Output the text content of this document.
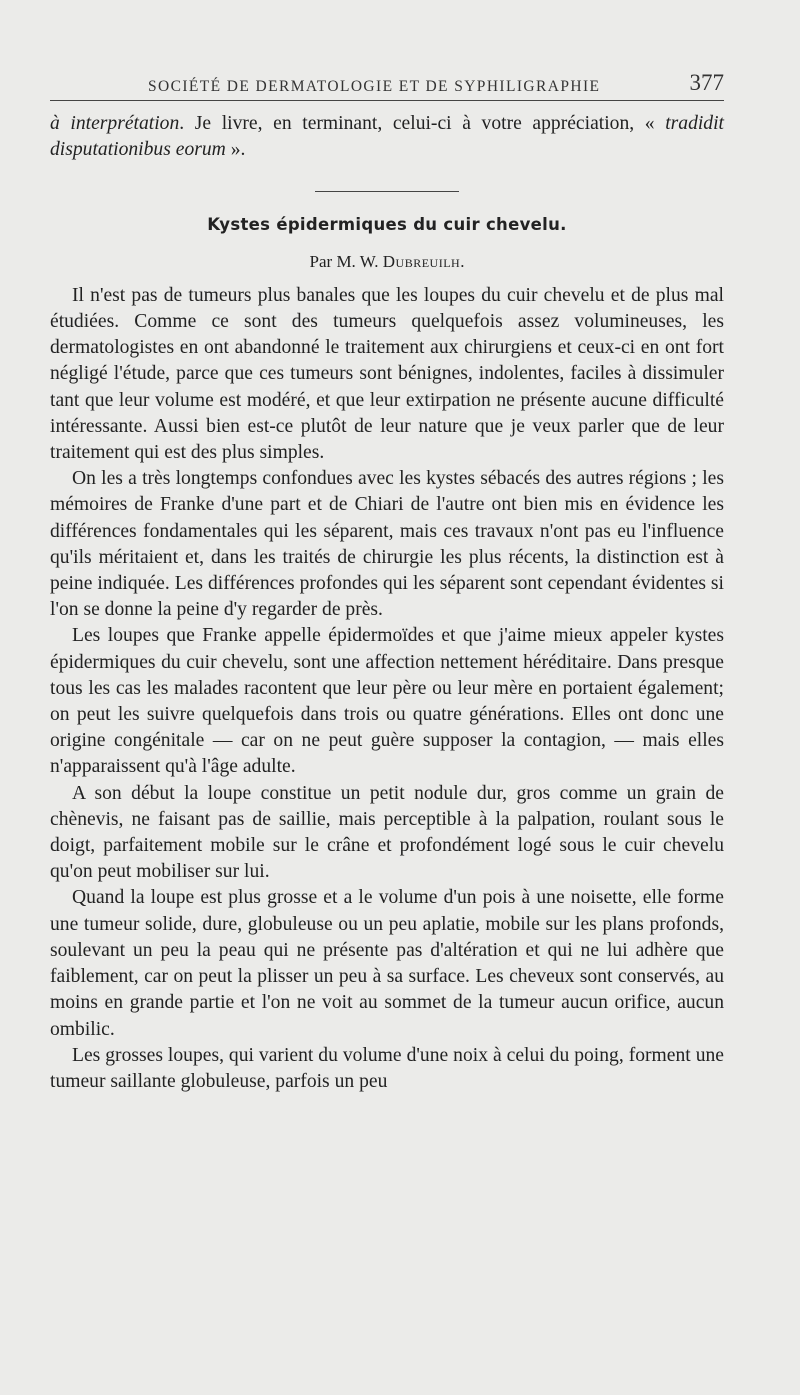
SOCIÉTÉ DE DERMATOLOGIE ET DE SYPHILIGRAPHIE	377

à interprétation. Je livre, en terminant, celui-ci à votre appréciation, « tradidit disputationibus eorum ».

Kystes épidermiques du cuir chevelu.
Par M. W. Dubreuilh.

Il n'est pas de tumeurs plus banales que les loupes du cuir chevelu et de plus mal étudiées. Comme ce sont des tumeurs quelquefois assez volumineuses, les dermatologistes en ont abandonné le traitement aux chirurgiens et ceux-ci en ont fort négligé l'étude, parce que ces tumeurs sont bénignes, indolentes, faciles à dissimuler tant que leur volume est modéré, et que leur extirpation ne présente aucune difficulté intéressante. Aussi bien est-ce plutôt de leur nature que je veux parler que de leur traitement qui est des plus simples.

On les a très longtemps confondues avec les kystes sébacés des autres régions ; les mémoires de Franke d'une part et de Chiari de l'autre ont bien mis en évidence les différences fondamentales qui les séparent, mais ces travaux n'ont pas eu l'influence qu'ils méritaient et, dans les traités de chirurgie les plus récents, la distinction est à peine indiquée. Les différences profondes qui les séparent sont cependant évidentes si l'on se donne la peine d'y regarder de près.

Les loupes que Franke appelle épidermoïdes et que j'aime mieux appeler kystes épidermiques du cuir chevelu, sont une affection nettement héréditaire. Dans presque tous les cas les malades racontent que leur père ou leur mère en portaient également; on peut les suivre quelquefois dans trois ou quatre générations. Elles ont donc une origine congénitale — car on ne peut guère supposer la contagion, — mais elles n'apparaissent qu'à l'âge adulte.

A son début la loupe constitue un petit nodule dur, gros comme un grain de chènevis, ne faisant pas de saillie, mais perceptible à la palpation, roulant sous le doigt, parfaitement mobile sur le crâne et profondément logé sous le cuir chevelu qu'on peut mobiliser sur lui.

Quand la loupe est plus grosse et a le volume d'un pois à une noisette, elle forme une tumeur solide, dure, globuleuse ou un peu aplatie, mobile sur les plans profonds, soulevant un peu la peau qui ne présente pas d'altération et qui ne lui adhère que faiblement, car on peut la plisser un peu à sa surface. Les cheveux sont conservés, au moins en grande partie et l'on ne voit au sommet de la tumeur aucun orifice, aucun ombilic.

Les grosses loupes, qui varient du volume d'une noix à celui du poing, forment une tumeur saillante globuleuse, parfois un peu
